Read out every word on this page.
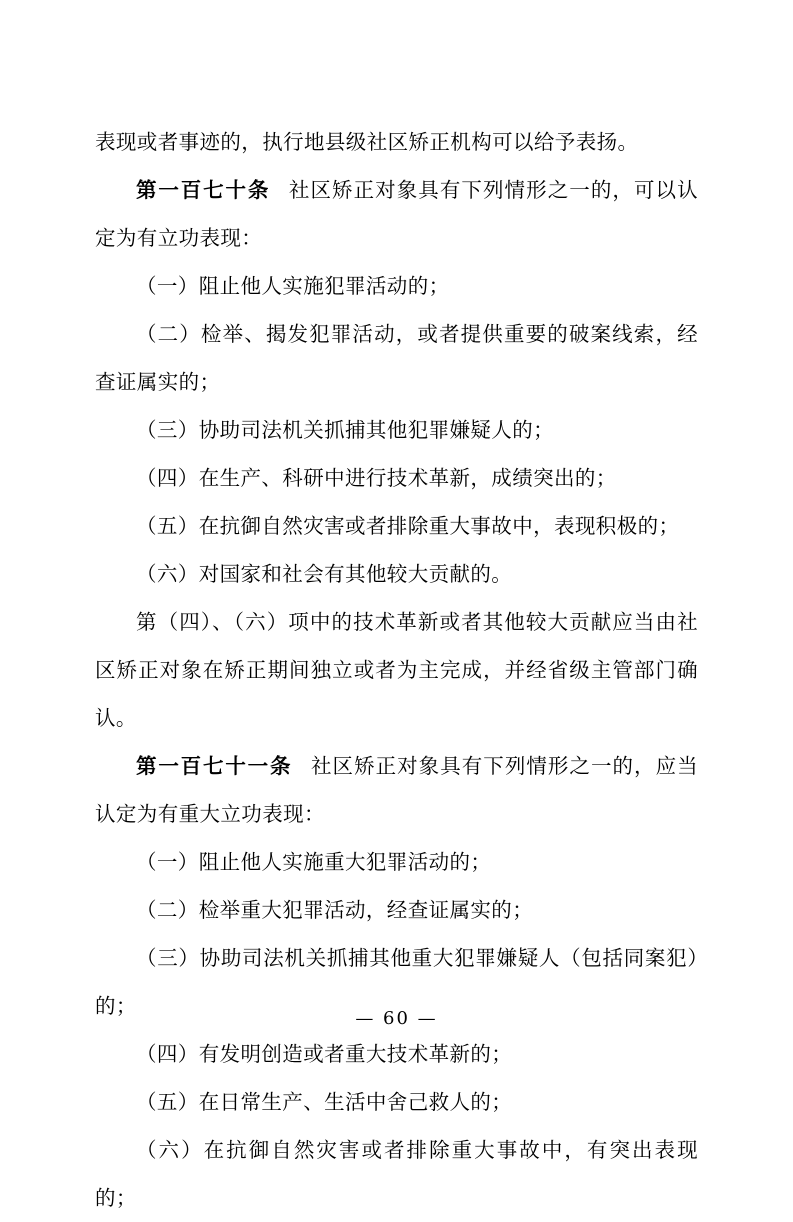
表现或者事迹的，执行地县级社区矫正机构可以给予表扬。

第一百七十条 社区矫正对象具有下列情形之一的，可以认定为有立功表现：

（一）阻止他人实施犯罪活动的；

（二）检举、揭发犯罪活动，或者提供重要的破案线索，经查证属实的；

（三）协助司法机关抓捕其他犯罪嫌疑人的；

（四）在生产、科研中进行技术革新，成绩突出的；

（五）在抗御自然灾害或者排除重大事故中，表现积极的；

（六）对国家和社会有其他较大贡献的。

第（四）、（六）项中的技术革新或者其他较大贡献应当由社区矫正对象在矫正期间独立或者为主完成，并经省级主管部门确认。

第一百七十一条 社区矫正对象具有下列情形之一的，应当认定为有重大立功表现：

（一）阻止他人实施重大犯罪活动的；

（二）检举重大犯罪活动，经查证属实的；

（三）协助司法机关抓捕其他重大犯罪嫌疑人（包括同案犯）的；

（四）有发明创造或者重大技术革新的；

（五）在日常生产、生活中舍己救人的；

（六）在抗御自然灾害或者排除重大事故中，有突出表现的；

— 60 —
